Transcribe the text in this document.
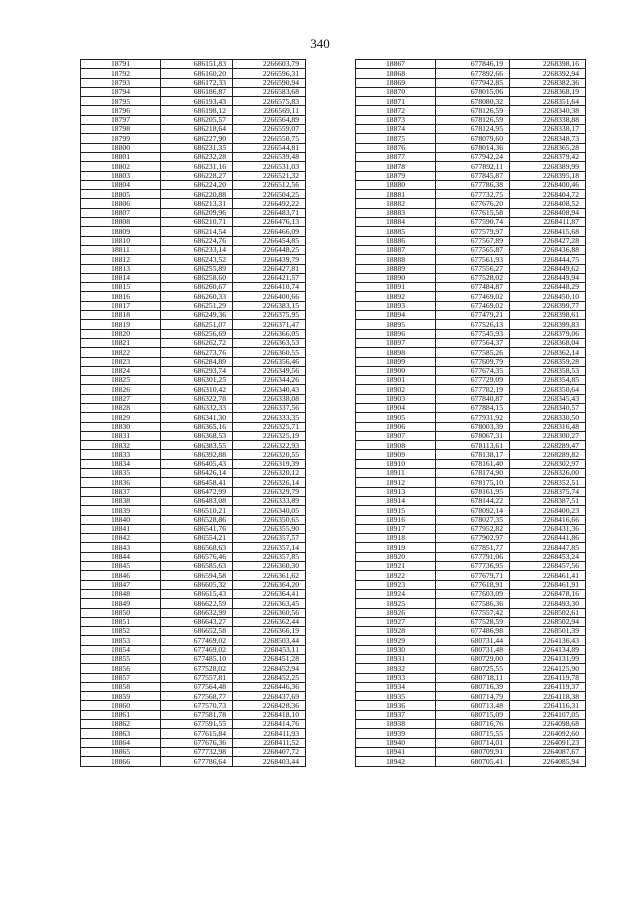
340
18791	686151,83	2266603,79
18792	686160,20	2266596,31
18793	686172,33	2266590,94
18794	686186,87	2266583,68
18795	686193,43	2266575,83
18796	686198,12	2266569,11
18797	686205,57	2266564,89
18798	686218,64	2266559,07
18799	686227,90	2266550,75
18800	686231,35	2266544,81
18801	686232,28	2266539,48
18802	686231,16	2266531,03
18803	686228,27	2266521,32
18804	686224,20	2266512,56
18805	686220,88	2266504,25
18806	686213,31	2266492,22
18807	686209,96	2266483,71
18808	686210,71	2266476,13
18809	686214,54	2266466,09
18810	686224,76	2266454,85
18811	686233,14	2266448,25
18812	686243,52	2266439,79
18813	686255,89	2266427,81
18814	686258,60	2266421,57
18815	686260,67	2266410,74
18816	686260,33	2266400,66
18817	686251,29	2266383,15
18818	686249,36	2266375,95
18819	686251,07	2266371,47
18820	686256,69	2266366,05
18821	686262,72	2266363,53
18822	686273,76	2266360,55
18823	686284,89	2266356,46
18824	686293,74	2266349,56
18825	686301,25	2266344,26
18826	686310,42	2266340,43
18827	686322,78	2266338,08
18828	686332,33	2266337,56
18829	686341,30	2266333,35
18830	686365,16	2266325,71
18831	686368,53	2266325,19
18832	686383,55	2266322,93
18833	686392,88	2266320,55
18834	686405,43	2266319,39
18835	686426,14	2266320,12
18836	686458,41	2266326,14
18837	686472,99	2266329,79
18838	686483,08	2266333,89
18839	686510,21	2266340,05
18840	686528,86	2266350,65
18841	686541,76	2266355,90
18842	686554,21	2266357,57
18843	686568,63	2266357,14
18844	686576,46	2266357,85
18845	686585,63	2266360,30
18846	686594,58	2266361,62
18847	686605,32	2266364,20
18848	686615,43	2266364,41
18849	686622,59	2266363,45
18850	686632,99	2266360,56
18851	686643,27	2266362,44
18852	686652,58	2266366,19
18853	677469,02	2268503,44
18854	677469,02	2268453,11
18855	677485,10	2268451,28
18856	677528,02	2268452,94
18857	677557,81	2268452,25
18858	677564,48	2268446,36
18859	677568,77	2268437,69
18860	677570,73	2268428,36
18861	677581,78	2268418,10
18862	677591,55	2268414,76
18863	677615,84	2268411,93
18864	677676,36	2268411,52
18865	677732,98	2268407,72
18866	677786,64	2268403,44
18867	677846,19	2268398,16
18868	677892,66	2268392,94
18869	677942,85	2268382,36
18870	678015,06	2268368,19
18871	678080,32	2268351,64
18872	678126,59	2268340,38
18873	678126,59	2268338,88
18874	678124,95	2268338,17
18875	678079,60	2268348,73
18876	678014,36	2268365,28
18877	677942,24	2268379,42
18878	677892,11	2268389,99
18879	677845,87	2268395,18
18880	677786,38	2268400,46
18881	677732,75	2268404,72
18882	677676,20	2268408,52
18883	677615,58	2268408,94
18884	677590,74	2268411,87
18885	677579,97	2268415,68
18886	677567,89	2268427,28
18887	677565,87	2268436,88
18888	677561,93	2268444,75
18889	677556,27	2268449,62
18890	677528,02	2268449,94
18891	677484,87	2268448,29
18892	677469,02	2268450,10
18893	677469,02	2268399,77
18894	677479,21	2268398,61
18895	677526,13	2268399,83
18896	677545,93	2268379,06
18897	677564,37	2268368,04
18898	677585,26	2268362,14
18899	677609,79	2268359,28
18900	677674,35	2268358,53
18901	677729,09	2268354,85
18902	677782,19	2268350,64
18903	677840,87	2268345,43
18904	677884,15	2268340,57
18905	677931,92	2268330,50
18906	678003,39	2268316,48
18907	678067,31	2268300,27
18908	678113,61	2268289,47
18909	678138,17	2268289,82
18910	678161,40	2268302,97
18911	678174,90	2268326,00
18912	678175,10	2268352,51
18913	678161,95	2268375,74
18914	678144,22	2268387,51
18915	678092,14	2268400,23
18916	678027,35	2268416,66
18917	677952,82	2268431,36
18918	677902,97	2268441,86
18919	677851,77	2268447,85
18920	677791,06	2268453,24
18921	677736,95	2268457,56
18922	677679,71	2268461,41
18923	677618,91	2268461,91
18924	677603,09	2268478,16
18925	677586,36	2268493,30
18926	677557,42	2268502,61
18927	677528,59	2268502,94
18928	677486,98	2268501,39
18929	680731,44	2264136,43
18930	680731,48	2264134,89
18931	680729,00	2264131,99
18932	680725,55	2264125,90
18933	680718,11	2264119,78
18934	680716,39	2264119,37
18935	680714,79	2264118,38
18936	680713,48	2264116,31
18937	680715,09	2264107,05
18938	680716,76	2264098,68
18939	680715,55	2264092,60
18940	680714,01	2264091,23
18941	680709,91	2264087,67
18942	680705,41	2264085,94
